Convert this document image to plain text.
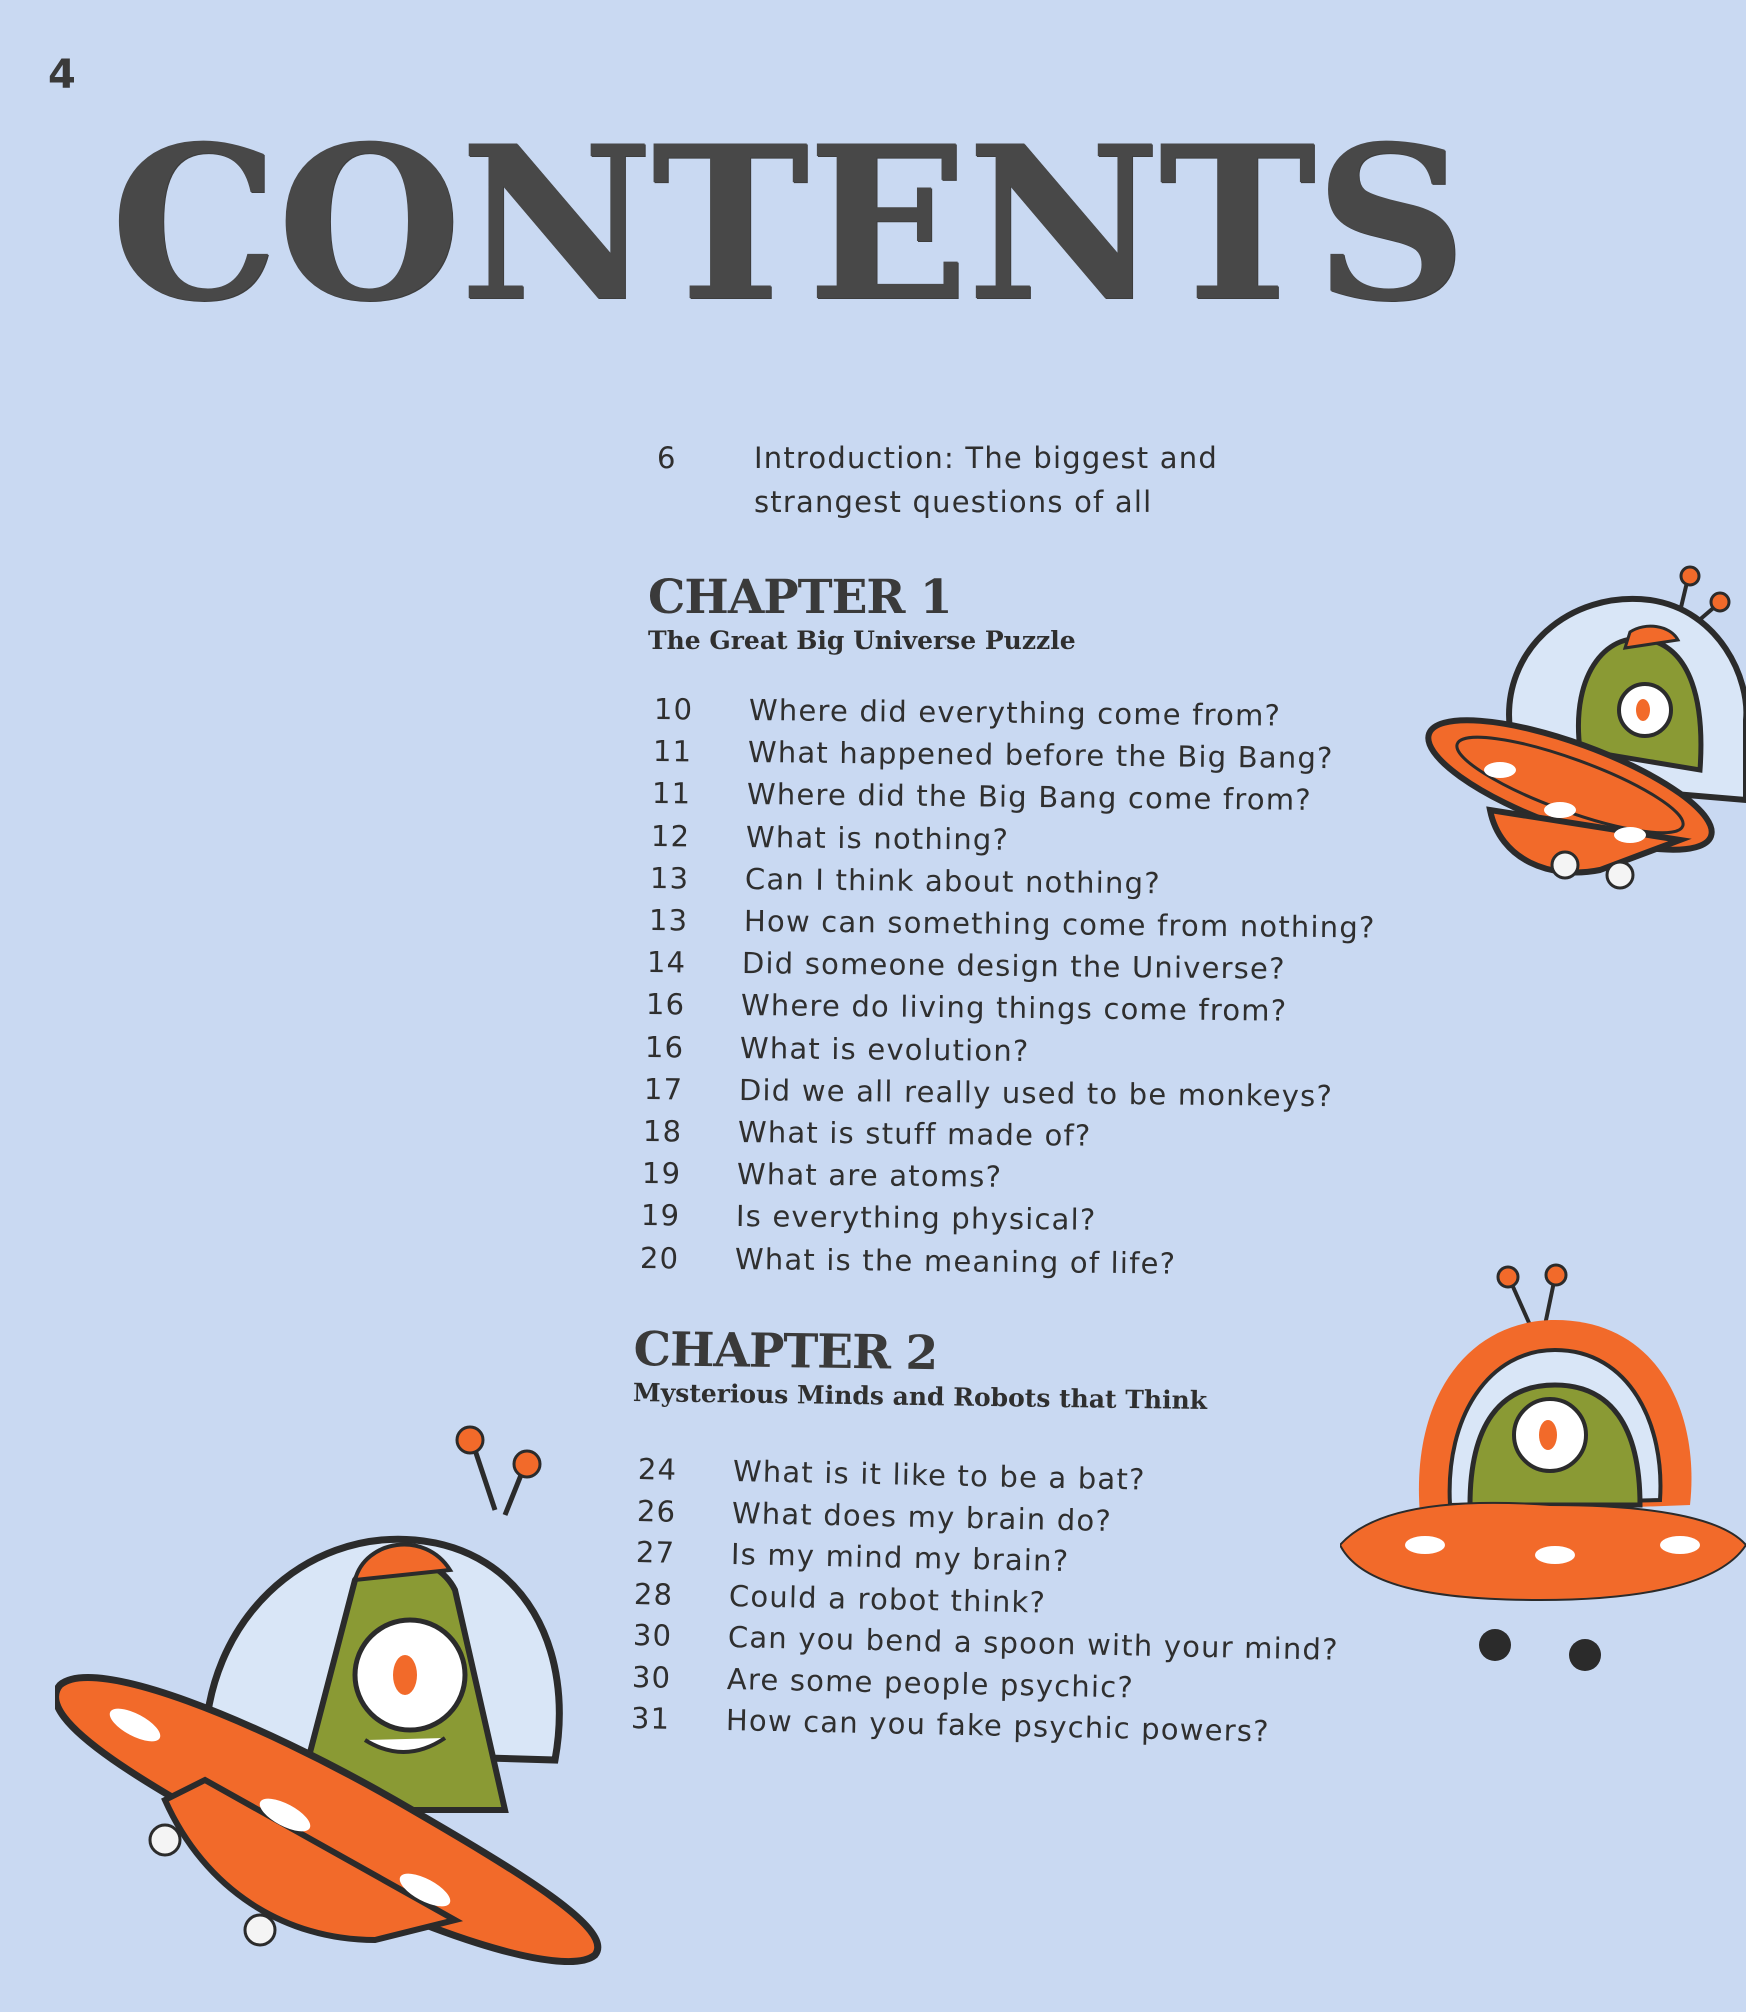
4
CONTENTS
6	Introduction: The biggest and strangest questions of all
CHAPTER 1
The Great Big Universe Puzzle
10 Where did everything come from?
11 What happened before the Big Bang?
11 Where did the Big Bang come from?
12 What is nothing?
13 Can I think about nothing?
13 How can something come from nothing?
14 Did someone design the Universe?
16 Where do living things come from?
16 What is evolution?
17 Did we all really used to be monkeys?
18 What is stuff made of?
19 What are atoms?
19 Is everything physical?
20 What is the meaning of life?
CHAPTER 2
Mysterious Minds and Robots that Think
24 What is it like to be a bat?
26 What does my brain do?
27 Is my mind my brain?
28 Could a robot think?
30 Can you bend a spoon with your mind?
30 Are some people psychic?
31 How can you fake psychic powers?
